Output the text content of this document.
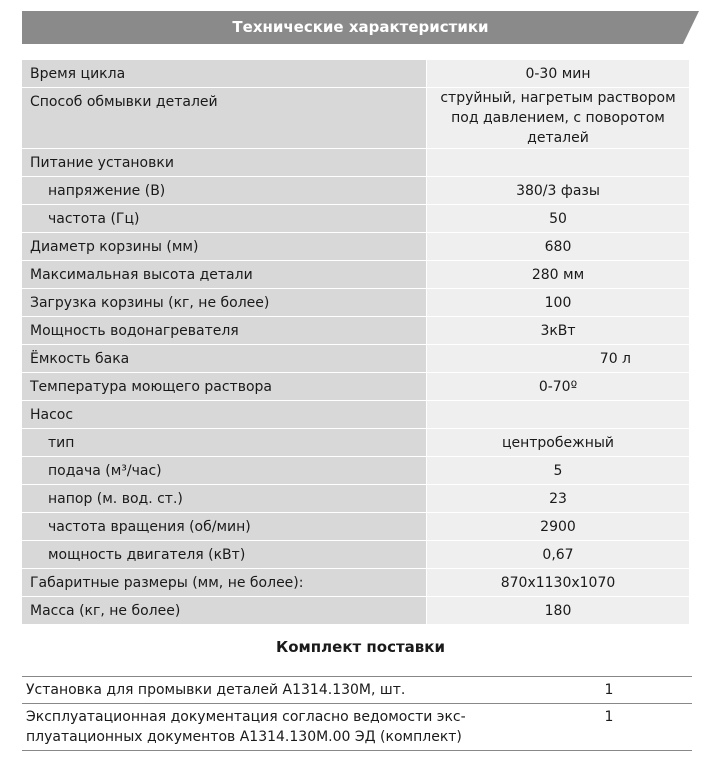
Технические характеристики
Время цикла	0-30 мин
Способ обмывки деталей	струйный, нагретым раствором под давлением, с поворотом деталей
Питание установки	
напряжение (В)	380/3 фазы
частота (Гц)	50
Диаметр корзины (мм)	680
Максимальная высота детали	280 мм
Загрузка корзины (кг, не более)	100
Мощность водонагревателя	3кВт
Ёмкость бака	70 л
Температура моющего раствора	0-70º
Насос	
тип	центробежный
подача (м³/час)	5
напор (м. вод. ст.)	23
частота вращения (об/мин)	2900
мощность двигателя (кВт)	0,67
Габаритные размеры (мм, не более):	870х1130х1070
Масса (кг, не более)	180
Комплект поставки
Установка для промывки деталей А1314.130М, шт.	1
Эксплуатационная документация согласно ведомости экс-плуатационных документов А1314.130М.00 ЭД (комплект)	1
